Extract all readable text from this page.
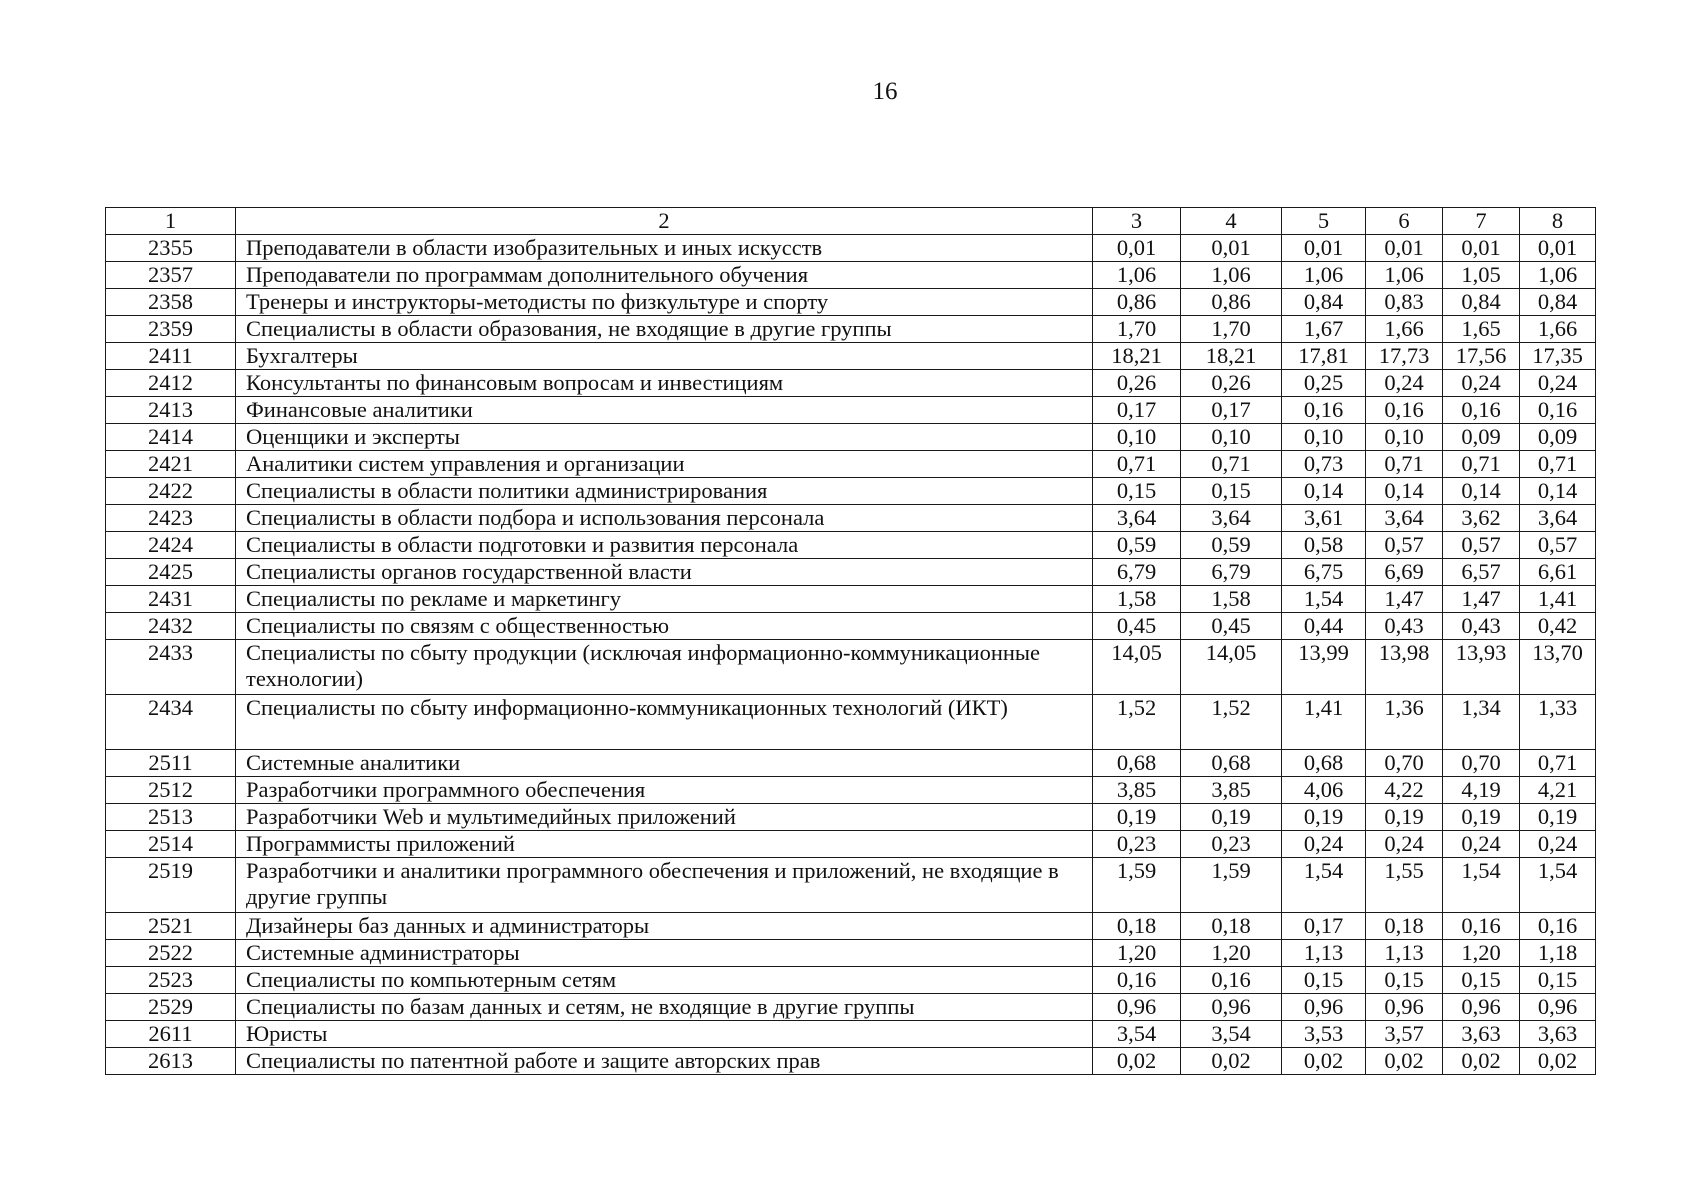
16
1	2	3	4	5	6	7	8
2355	Преподаватели в области изобразительных и иных искусств	0,01	0,01	0,01	0,01	0,01	0,01
2357	Преподаватели по программам дополнительного обучения	1,06	1,06	1,06	1,06	1,05	1,06
2358	Тренеры и инструкторы-методисты по физкультуре и спорту	0,86	0,86	0,84	0,83	0,84	0,84
2359	Специалисты в области образования, не входящие в другие группы	1,70	1,70	1,67	1,66	1,65	1,66
2411	Бухгалтеры	18,21	18,21	17,81	17,73	17,56	17,35
2412	Консультанты по финансовым вопросам и инвестициям	0,26	0,26	0,25	0,24	0,24	0,24
2413	Финансовые аналитики	0,17	0,17	0,16	0,16	0,16	0,16
2414	Оценщики и эксперты	0,10	0,10	0,10	0,10	0,09	0,09
2421	Аналитики систем управления и организации	0,71	0,71	0,73	0,71	0,71	0,71
2422	Специалисты в области политики администрирования	0,15	0,15	0,14	0,14	0,14	0,14
2423	Специалисты в области подбора и использования персонала	3,64	3,64	3,61	3,64	3,62	3,64
2424	Специалисты в области подготовки и развития персонала	0,59	0,59	0,58	0,57	0,57	0,57
2425	Специалисты органов государственной власти	6,79	6,79	6,75	6,69	6,57	6,61
2431	Специалисты по рекламе и маркетингу	1,58	1,58	1,54	1,47	1,47	1,41
2432	Специалисты по связям с общественностью	0,45	0,45	0,44	0,43	0,43	0,42
2433	Специалисты по сбыту продукции (исключая информационно-коммуникационные технологии)	14,05	14,05	13,99	13,98	13,93	13,70
2434	Специалисты по сбыту информационно-коммуникационных технологий (ИКТ)	1,52	1,52	1,41	1,36	1,34	1,33
2511	Системные аналитики	0,68	0,68	0,68	0,70	0,70	0,71
2512	Разработчики программного обеспечения	3,85	3,85	4,06	4,22	4,19	4,21
2513	Разработчики Web и мультимедийных приложений	0,19	0,19	0,19	0,19	0,19	0,19
2514	Программисты приложений	0,23	0,23	0,24	0,24	0,24	0,24
2519	Разработчики и аналитики программного обеспечения и приложений, не входящие в другие группы	1,59	1,59	1,54	1,55	1,54	1,54
2521	Дизайнеры баз данных и администраторы	0,18	0,18	0,17	0,18	0,16	0,16
2522	Системные администраторы	1,20	1,20	1,13	1,13	1,20	1,18
2523	Специалисты по компьютерным сетям	0,16	0,16	0,15	0,15	0,15	0,15
2529	Специалисты по базам данных и сетям, не входящие в другие группы	0,96	0,96	0,96	0,96	0,96	0,96
2611	Юристы	3,54	3,54	3,53	3,57	3,63	3,63
2613	Специалисты по патентной работе и защите авторских прав	0,02	0,02	0,02	0,02	0,02	0,02
